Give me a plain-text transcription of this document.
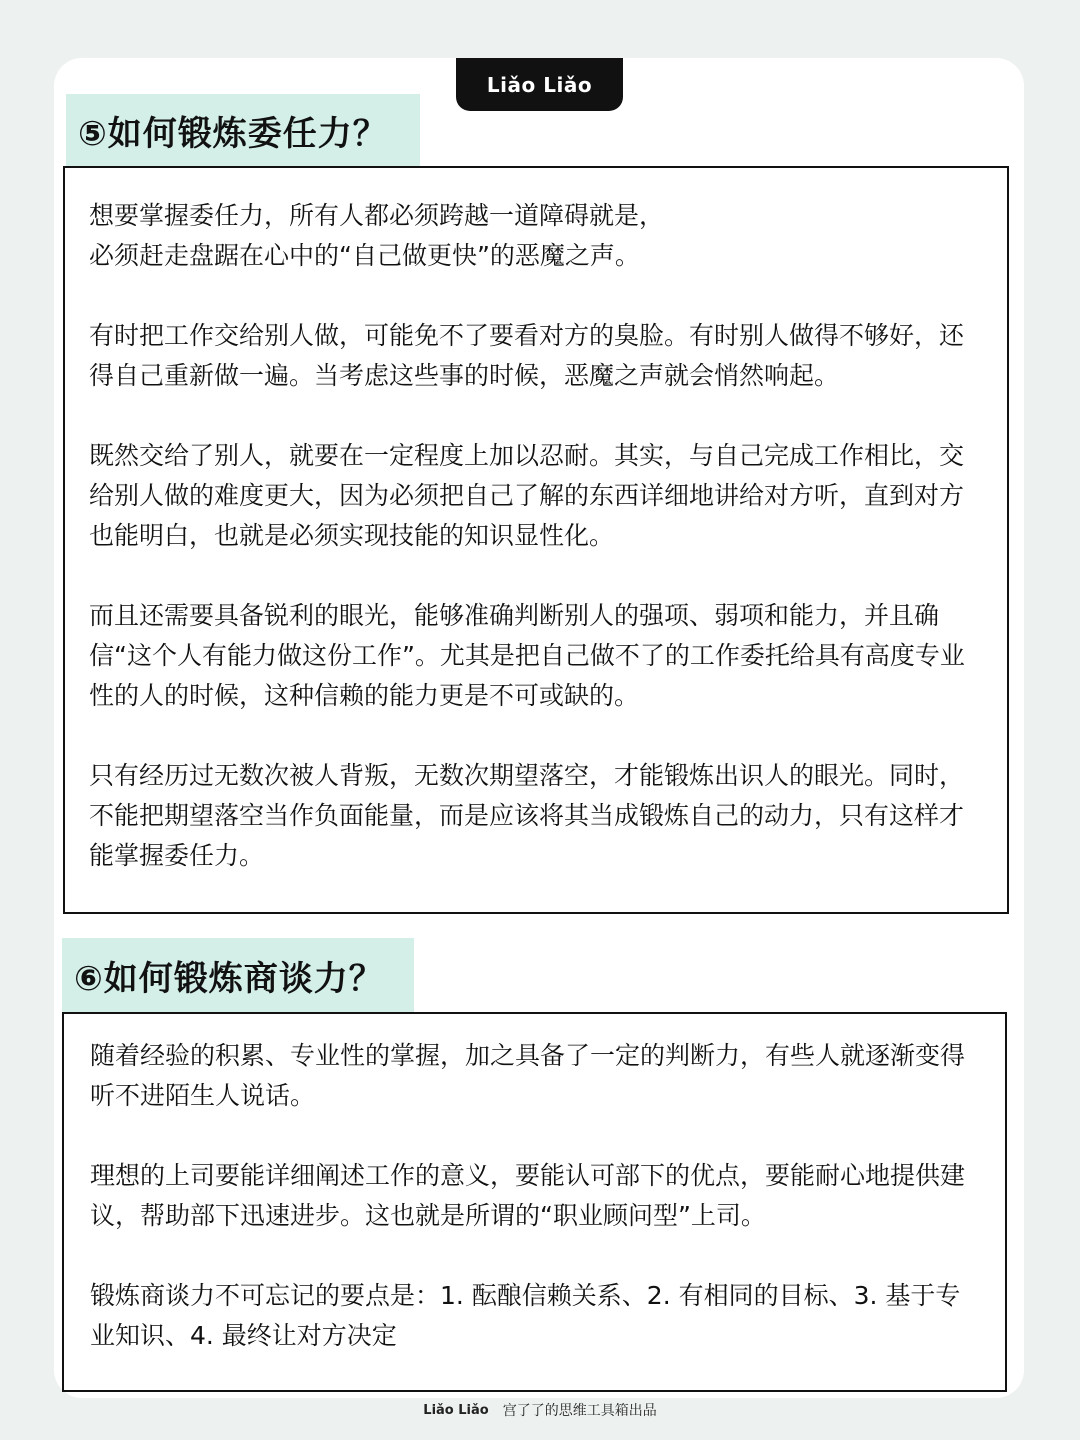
Liǎo Liǎo
⑤如何锻炼委任力？

想要掌握委任力，所有人都必须跨越一道障碍就是，
必须赶走盘踞在心中的“自己做更快”的恶魔之声。

有时把工作交给别人做，可能免不了要看对方的臭脸。有时别人做得不够好，还得自己重新做一遍。当考虑这些事的时候，恶魔之声就会悄然响起。

既然交给了别人，就要在一定程度上加以忍耐。其实，与自己完成工作相比，交给别人做的难度更大，因为必须把自己了解的东西详细地讲给对方听，直到对方也能明白，也就是必须实现技能的知识显性化。

而且还需要具备锐利的眼光，能够准确判断别人的强项、弱项和能力，并且确信“这个人有能力做这份工作”。尤其是把自己做不了的工作委托给具有高度专业性的人的时候，这种信赖的能力更是不可或缺的。

只有经历过无数次被人背叛，无数次期望落空，才能锻炼出识人的眼光。同时，不能把期望落空当作负面能量，而是应该将其当成锻炼自己的动力，只有这样才能掌握委任力。

⑥如何锻炼商谈力？

随着经验的积累、专业性的掌握，加之具备了一定的判断力，有些人就逐渐变得听不进陌生人说话。

理想的上司要能详细阐述工作的意义，要能认可部下的优点，要能耐心地提供建议，帮助部下迅速进步。这也就是所谓的“职业顾问型”上司。

锻炼商谈力不可忘记的要点是：1. 酝酿信赖关系、2. 有相同的目标、3. 基于专业知识、4. 最终让对方决定

Liǎo Liǎo 宫了了的思维工具箱出品
